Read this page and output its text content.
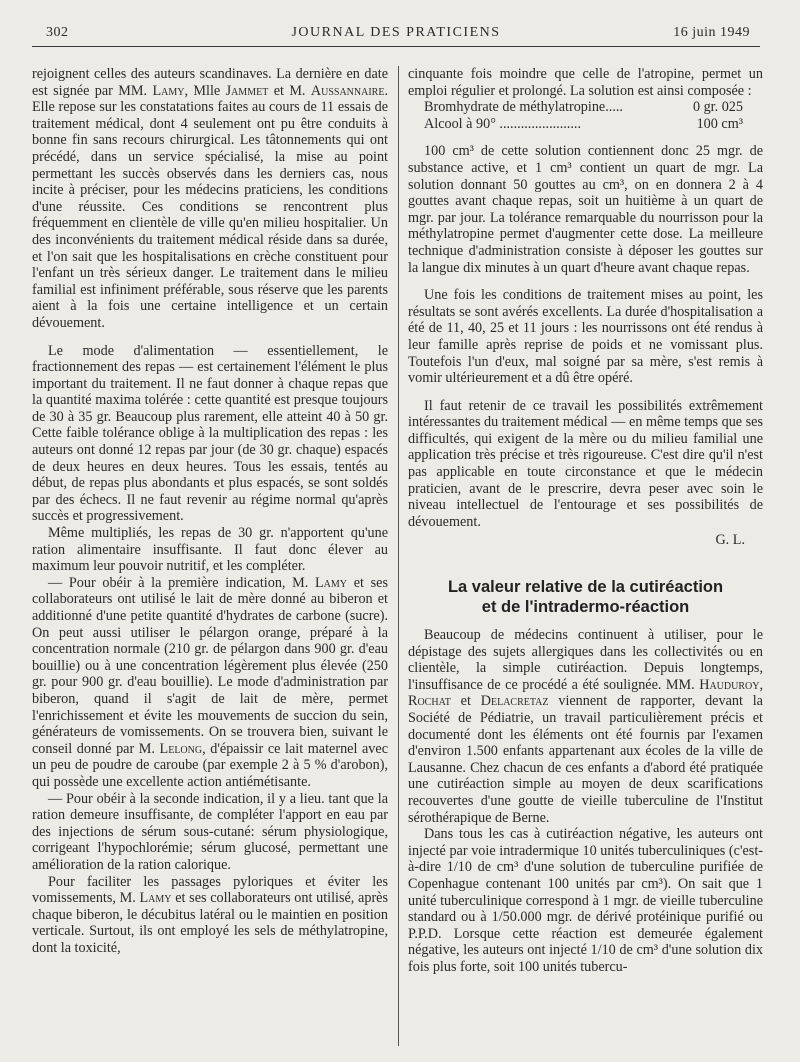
302	JOURNAL DES PRATICIENS	16 juin 1949

rejoignent celles des auteurs scandinaves. La dernière en date est signée par MM. Lamy, Mlle Jammet et M. Aussannaire. Elle repose sur les constatations faites au cours de 11 essais de traitement médical, dont 4 seulement ont pu être conduits à bonne fin sans recours chirurgical. Les tâtonnements qui ont précédé, dans un service spécialisé, la mise au point permettant les succès observés dans les derniers cas, nous incite à préciser, pour les médecins praticiens, les conditions d'une réussite. Ces conditions se rencontrent plus fréquemment en clientèle de ville qu'en milieu hospitalier. Un des inconvénients du traitement médical réside dans sa durée, et l'on sait que les hospitalisations en crèche constituent pour l'enfant un très sérieux danger. Le traitement dans le milieu familial est infiniment préférable, sous réserve que les parents aient à la fois une certaine intelligence et un certain dévouement.

Le mode d'alimentation — essentiellement, le fractionnement des repas — est certainement l'élément le plus important du traitement. Il ne faut donner à chaque repas que la quantité maxima tolérée : cette quantité est presque toujours de 30 à 35 gr. Beaucoup plus rarement, elle atteint 40 à 50 gr. Cette faible tolérance oblige à la multiplication des repas : les auteurs ont donné 12 repas par jour (de 30 gr. chaque) espacés de deux heures en deux heures. Tous les essais, tentés au début, de repas plus abondants et plus espacés, se sont soldés par des échecs. Il ne faut revenir au régime normal qu'après succès et progressivement.

Même multipliés, les repas de 30 gr. n'apportent qu'une ration alimentaire insuffisante. Il faut donc élever au maximum leur pouvoir nutritif, et les compléter.

— Pour obéir à la première indication, M. Lamy et ses collaborateurs ont utilisé le lait de mère donné au biberon et additionné d'une petite quantité d'hydrates de carbone (sucre). On peut aussi utiliser le pélargon orange, préparé à la concentration normale (210 gr. de pélargon dans 900 gr. d'eau bouillie) ou à une concentration légèrement plus élevée (250 gr. pour 900 gr. d'eau bouillie). Le mode d'administration par biberon, quand il s'agit de lait de mère, permet l'enrichissement et évite les mouvements de succion du sein, générateurs de vomissements. On se trouvera bien, suivant le conseil donné par M. Lelong, d'épaissir ce lait maternel avec un peu de poudre de caroube (par exemple 2 à 5 % d'arobon), qui possède une excellente action antiémétisante.

— Pour obéir à la seconde indication, il y a lieu. tant que la ration demeure insuffisante, de compléter l'apport en eau par des injections de sérum sous-cutané: sérum physiologique, corrigeant l'hypochlorémie; sérum glucosé, permettant une amélioration de la ration calorique.

Pour faciliter les passages pyloriques et éviter les vomissements, M. Lamy et ses collaborateurs ont utilisé, après chaque biberon, le décubitus latéral ou le maintien en position verticale. Surtout, ils ont employé les sels de méthylatropine, dont la toxicité,

cinquante fois moindre que celle de l'atropine, permet un emploi régulier et prolongé. La solution est ainsi composée :

Bromhydrate de méthylatropine.....	0 gr. 025
Alcool à 90° .......................	100 cm³

100 cm³ de cette solution contiennent donc 25 mgr. de substance active, et 1 cm³ contient un quart de mgr. La solution donnant 50 gouttes au cm³, on en donnera 2 à 4 gouttes avant chaque repas, soit un huitième à un quart de mgr. par jour. La tolérance remarquable du nourrisson pour la méthylatropine permet d'augmenter cette dose. La meilleure technique d'administration consiste à déposer les gouttes sur la langue dix minutes à un quart d'heure avant chaque repas.

Une fois les conditions de traitement mises au point, les résultats se sont avérés excellents. La durée d'hospitalisation a été de 11, 40, 25 et 11 jours : les nourrissons ont été rendus à leur famille après reprise de poids et ne vomissant plus. Toutefois l'un d'eux, mal soigné par sa mère, s'est remis à vomir ultérieurement et a dû être opéré.

Il faut retenir de ce travail les possibilités extrêmement intéressantes du traitement médical — en même temps que ses difficultés, qui exigent de la mère ou du milieu familial une application très précise et très rigoureuse. C'est dire qu'il n'est pas applicable en toute circonstance et que le médecin praticien, avant de le prescrire, devra peser avec soin le niveau intellectuel de l'entourage et ses possibilités de dévouement.

G. L.

La valeur relative de la cutiréaction
et de l'intradermo-réaction

Beaucoup de médecins continuent à utiliser, pour le dépistage des sujets allergiques dans les collectivités ou en clientèle, la simple cutiréaction. Depuis longtemps, l'insuffisance de ce procédé a été soulignée. MM. Hauduroy, Rochat et Delacretaz viennent de rapporter, devant la Société de Pédiatrie, un travail particulièrement précis et documenté dont les éléments ont été fournis par l'examen d'environ 1.500 enfants appartenant aux écoles de la ville de Lausanne. Chez chacun de ces enfants a d'abord été pratiquée une cutiréaction simple au moyen de deux scarifications recouvertes d'une goutte de vieille tuberculine de l'Institut sérothérapique de Berne.

Dans tous les cas à cutiréaction négative, les auteurs ont injecté par voie intradermique 10 unités tuberculiniques (c'est-à-dire 1/10 de cm³ d'une solution de tuberculine purifiée de Copenhague contenant 100 unités par cm³). On sait que 1 unité tuberculinique correspond à 1 mgr. de vieille tuberculine standard ou à 1/50.000 mgr. de dérivé protéinique purifié ou P.P.D. Lorsque cette réaction est demeurée également négative, les auteurs ont injecté 1/10 de cm³ d'une solution dix fois plus forte, soit 100 unités tubercu-
